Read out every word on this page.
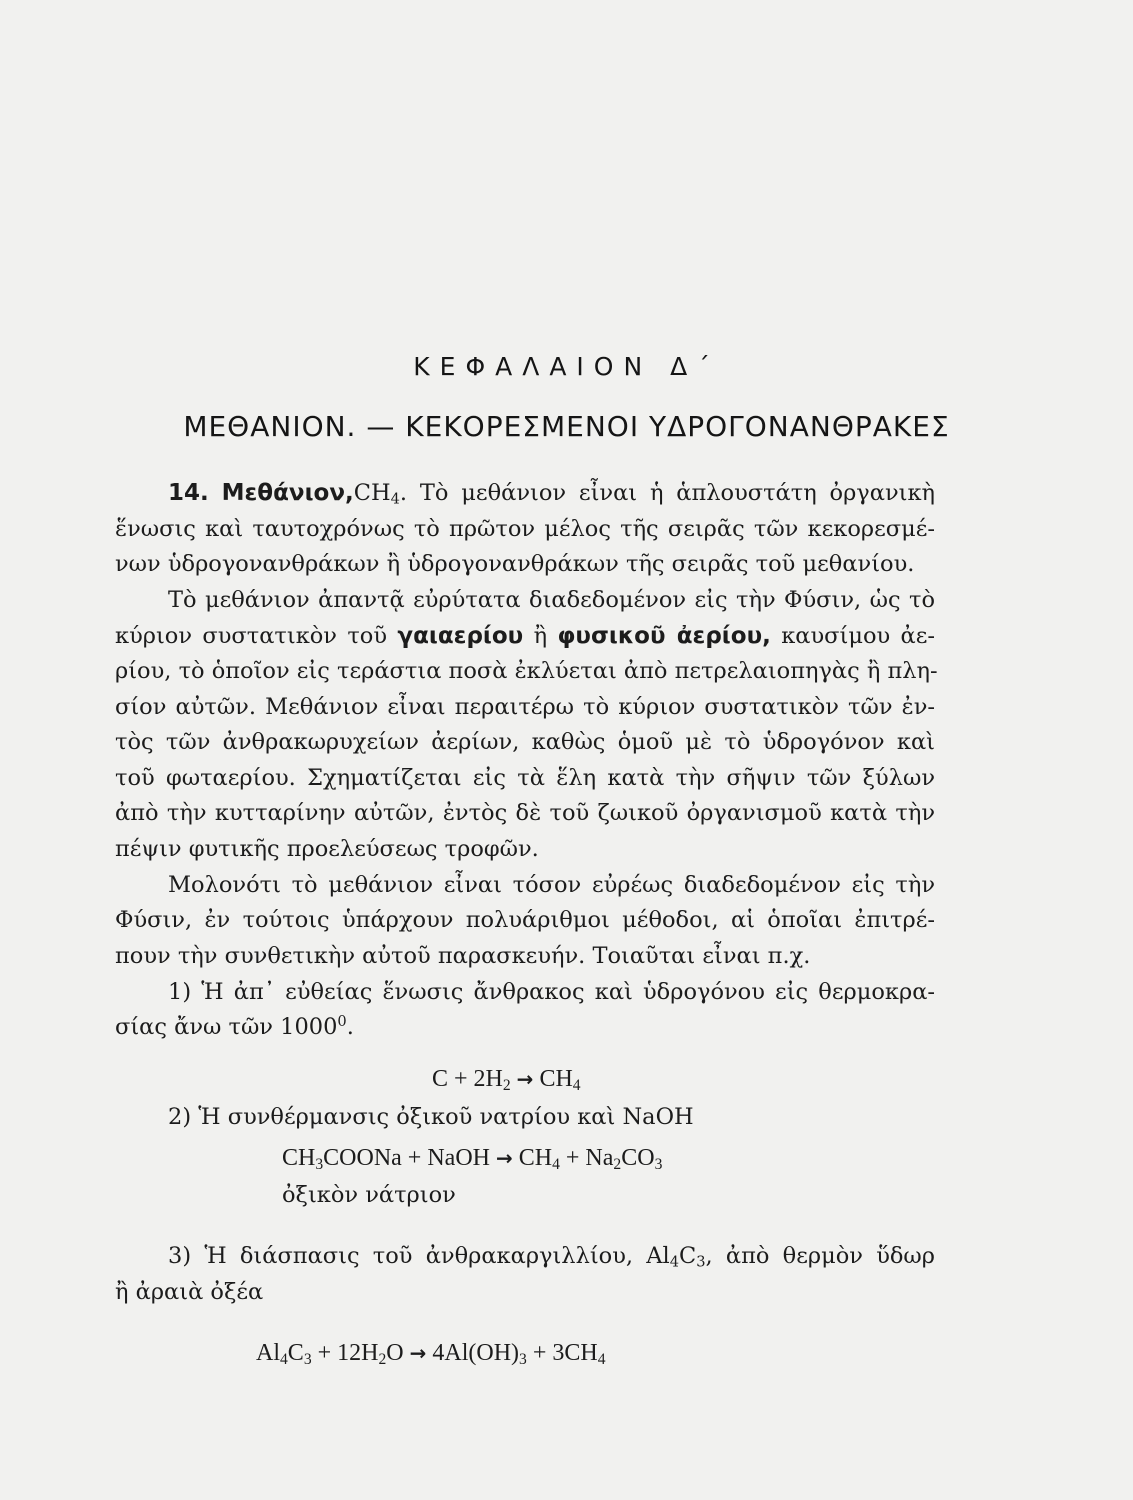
ΚΕΦΑΛΑΙΟΝ Δ΄
ΜΕΘΑΝΙΟΝ. — ΚΕΚΟΡΕΣΜΕΝΟΙ ΥΔΡΟΓΟΝΑΝΘΡΑΚΕΣ
14. $M\varepsilon\theta ά\nu\iota o\nu,CH_4$. Τὸ μεθάνιον εἶναι ἡ ἁπλουστάτη ὀργανικὴ
ἕνωσις καὶ ταυτοχρόνως τὸ πρῶτον μέλος τῆς σειρᾶς τῶν κεκορεσμέ-
νων ὑδρογονανθράκων ἢ ὑδρογονανθράκων τῆς σειρᾶς τοῦ μεθανίου.
Τὸ μεθάνιον ἀπαντᾷ εὐρύτατα διαδεδομένον εἰς τὴν Φύσιν, ὡς τὸ
κύριον συστατικὸν τοῦ γαιαερίου ἢ φυσικοῦ ἀερίου, καυσίμου ἀε-
ρίου, τὸ ὁποῖον εἰς τεράστια ποσὰ ἐκλύεται ἀπὸ πετρελαιοπηγὰς ἢ πλη-
σίον αὐτῶν. Μεθάνιον εἶναι περαιτέρω τὸ κύριον συστατικὸν τῶν ἐν-
τὸς τῶν ἀνθρακωρυχείων ἀερίων, καθὼς ὁμοῦ μὲ τὸ ὑδρογόνον καὶ
τοῦ φωταερίου. Σχηματίζεται εἰς τὰ ἕλη κατὰ τὴν σῆψιν τῶν ξύλων
ἀπὸ τὴν κυτταρίνην αὐτῶν, ἐντὸς δὲ τοῦ ζωικοῦ ὀργανισμοῦ κατὰ τὴν
πέψιν φυτικῆς προελεύσεως τροφῶν.
Μολονότι τὸ μεθάνιον εἶναι τόσον εὐρέως διαδεδομένον εἰς τὴν
Φύσιν, ἐν τούτοις ὑπάρχουν πολυάριθμοι μέθοδοι, αἱ ὁποῖαι ἐπιτρέ-
πουν τὴν συνθετικὴν αὐτοῦ παρασκευήν. Τοιαῦται εἶναι π.χ.
1) Ἡ ἀπ᾿ εὐθείας ἕνωσις ἄνθρακος καὶ ὑδρογόνου εἰς θερμοκρα-
σίας ἄνω τῶν 1000$^0$.
$C + 2H_2 \to CH_4$
2) Ἡ συνθέρμανσις ὀξικοῦ νατρίου καὶ NaOH
$CH_3COONa$ + NaOH → $CH_4 + Na_2CO_3$
ὀξικὸν νάτριον
3) Ἡ διάσπασις τοῦ ἀνθρακαργιλλίου, $Al_4C_3$, ἀπὸ θερμὸν ὕδωρ
ἢ ἀραιὰ ὀξέα
$Al_4C_3 + 12H_2O \to 4Al(OH)_3 + 3CH_4$
